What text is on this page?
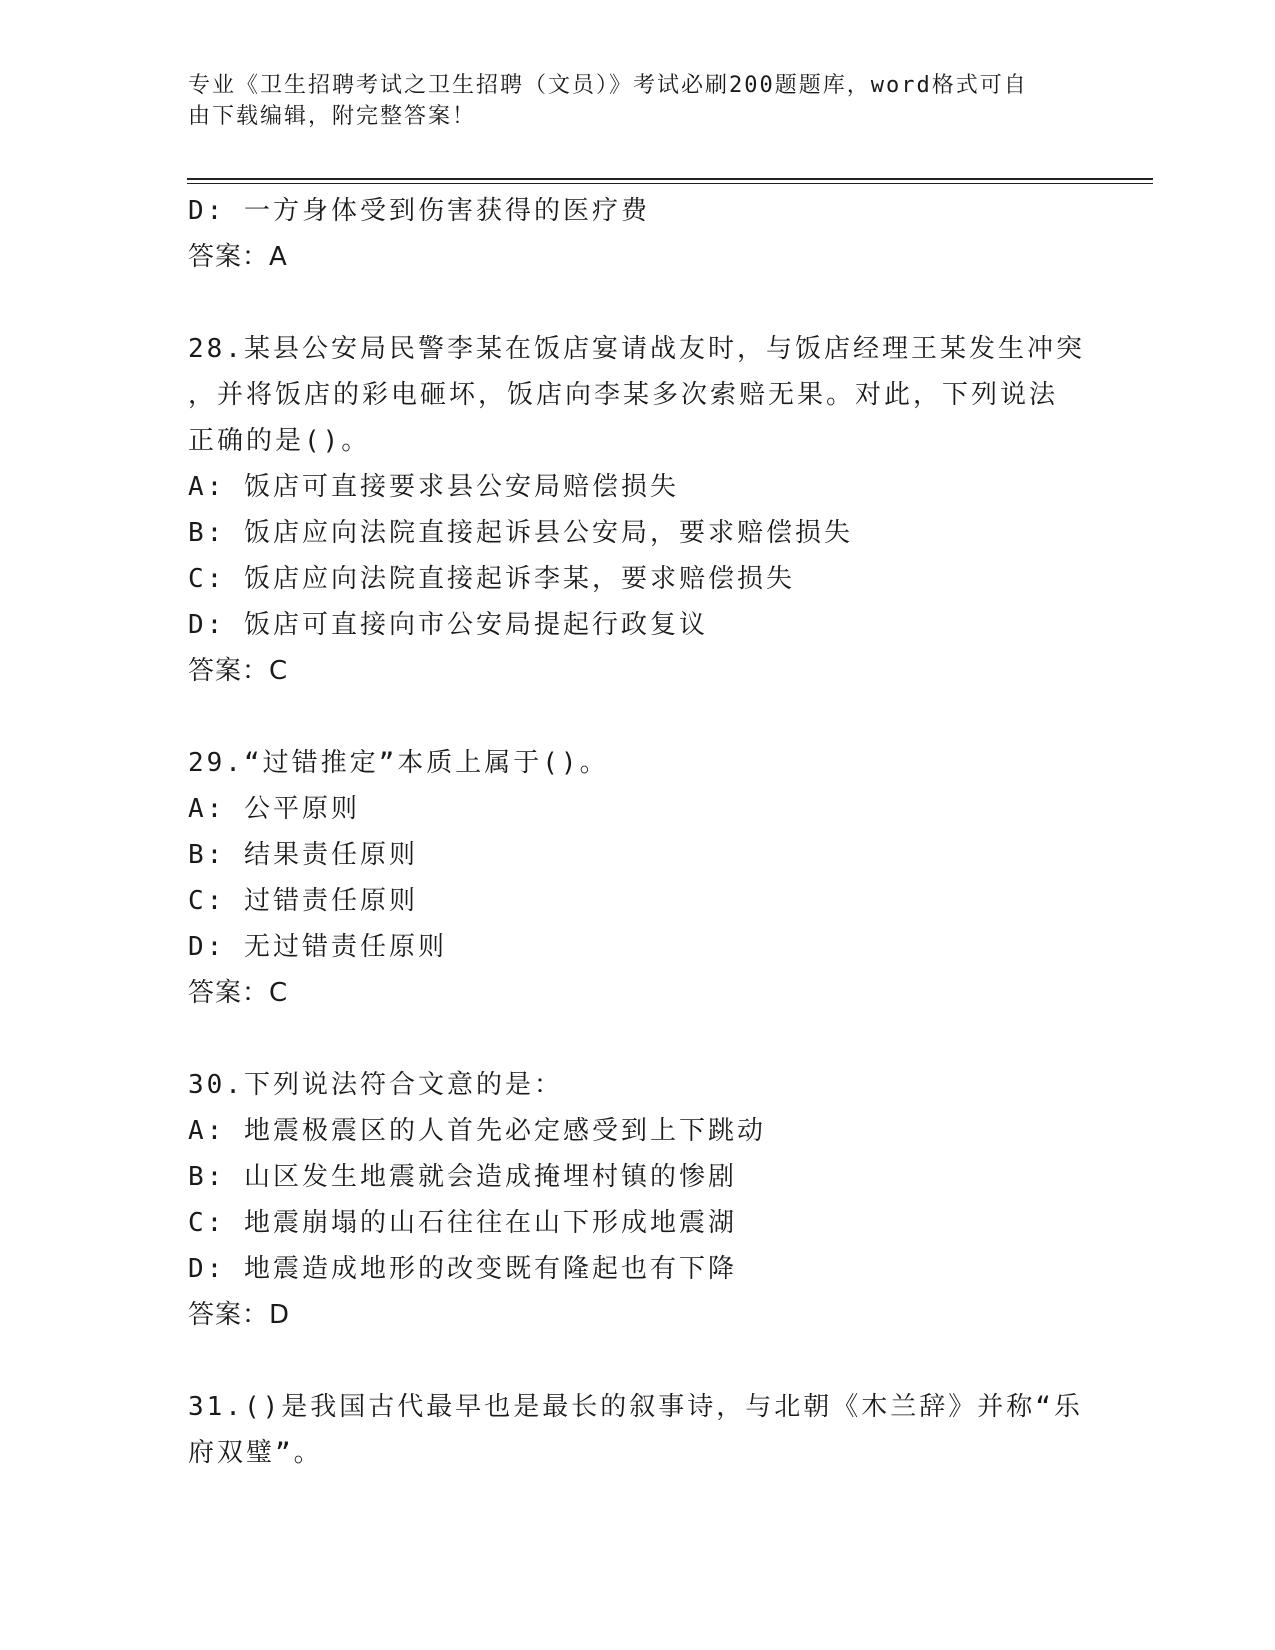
专业《卫生招聘考试之卫生招聘（文员）》考试必刷200题题库，word格式可自
由下载编辑，附完整答案！
D: 一方身体受到伤害获得的医疗费
答案：A
28.某县公安局民警李某在饭店宴请战友时，与饭店经理王某发生冲突
，并将饭店的彩电砸坏，饭店向李某多次索赔无果。对此，下列说法
正确的是()。
A: 饭店可直接要求县公安局赔偿损失
B: 饭店应向法院直接起诉县公安局，要求赔偿损失
C: 饭店应向法院直接起诉李某，要求赔偿损失
D: 饭店可直接向市公安局提起行政复议
答案：C
29.“过错推定”本质上属于()。
A: 公平原则
B: 结果责任原则
C: 过错责任原则
D: 无过错责任原则
答案：C
30.下列说法符合文意的是：
A: 地震极震区的人首先必定感受到上下跳动
B: 山区发生地震就会造成掩埋村镇的惨剧
C: 地震崩塌的山石往往在山下形成地震湖
D: 地震造成地形的改变既有隆起也有下降
答案：D
31.()是我国古代最早也是最长的叙事诗，与北朝《木兰辞》并称“乐
府双璧”。
